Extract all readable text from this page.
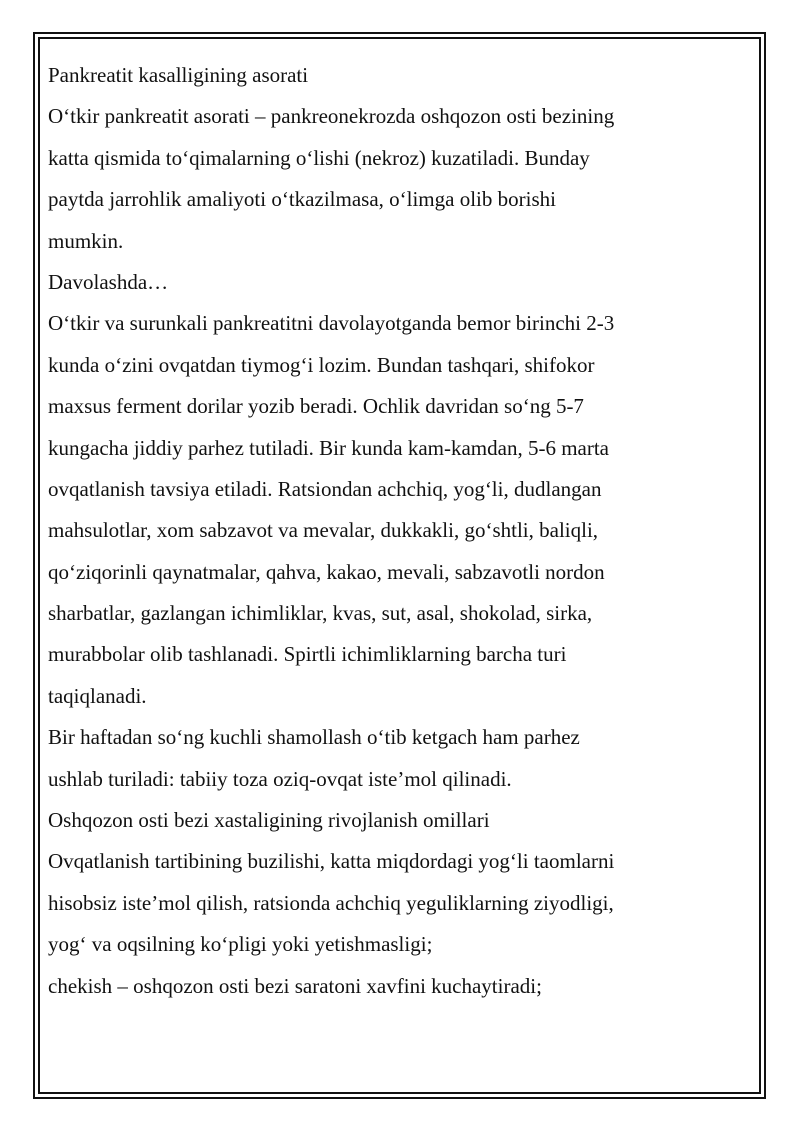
Pankreatit kasalligining asorati
O‘tkir pankreatit asorati – pankreonekrozda oshqozon osti bezining
katta qismida to‘qimalarning o‘lishi (nekroz) kuzatiladi. Bunday
paytda jarrohlik amaliyoti o‘tkazilmasa, o‘limga olib borishi
mumkin.
Davolashda…
O‘tkir va surunkali pankreatitni davolayotganda bemor birinchi 2-3
kunda o‘zini ovqatdan tiymog‘i lozim. Bundan tashqari, shifokor
maxsus ferment dorilar yozib beradi. Ochlik davridan so‘ng 5-7
kungacha jiddiy parhez tutiladi. Bir kunda kam-kamdan, 5-6 marta
ovqatlanish tavsiya etiladi. Ratsiondan achchiq, yog‘li, dudlangan
mahsulotlar, xom sabzavot va mevalar, dukkakli, go‘shtli, baliqli,
qo‘ziqorinli qaynatmalar, qahva, kakao, mevali, sabzavotli nordon
sharbatlar, gazlangan ichimliklar, kvas, sut, asal, shokolad, sirka,
murabbolar olib tashlanadi. Spirtli ichimliklarning barcha turi
taqiqlanadi.
Bir haftadan so‘ng kuchli shamollash o‘tib ketgach ham parhez
ushlab turiladi: tabiiy toza oziq-ovqat iste’mol qilinadi.
Oshqozon osti bezi xastaligining rivojlanish omillari
Ovqatlanish tartibining buzilishi, katta miqdordagi yog‘li taomlarni
hisobsiz iste’mol qilish, ratsionda achchiq yeguliklarning ziyodligi,
yog‘ va oqsilning ko‘pligi yoki yetishmasligi;
chekish – oshqozon osti bezi saratoni xavfini kuchaytiradi;
